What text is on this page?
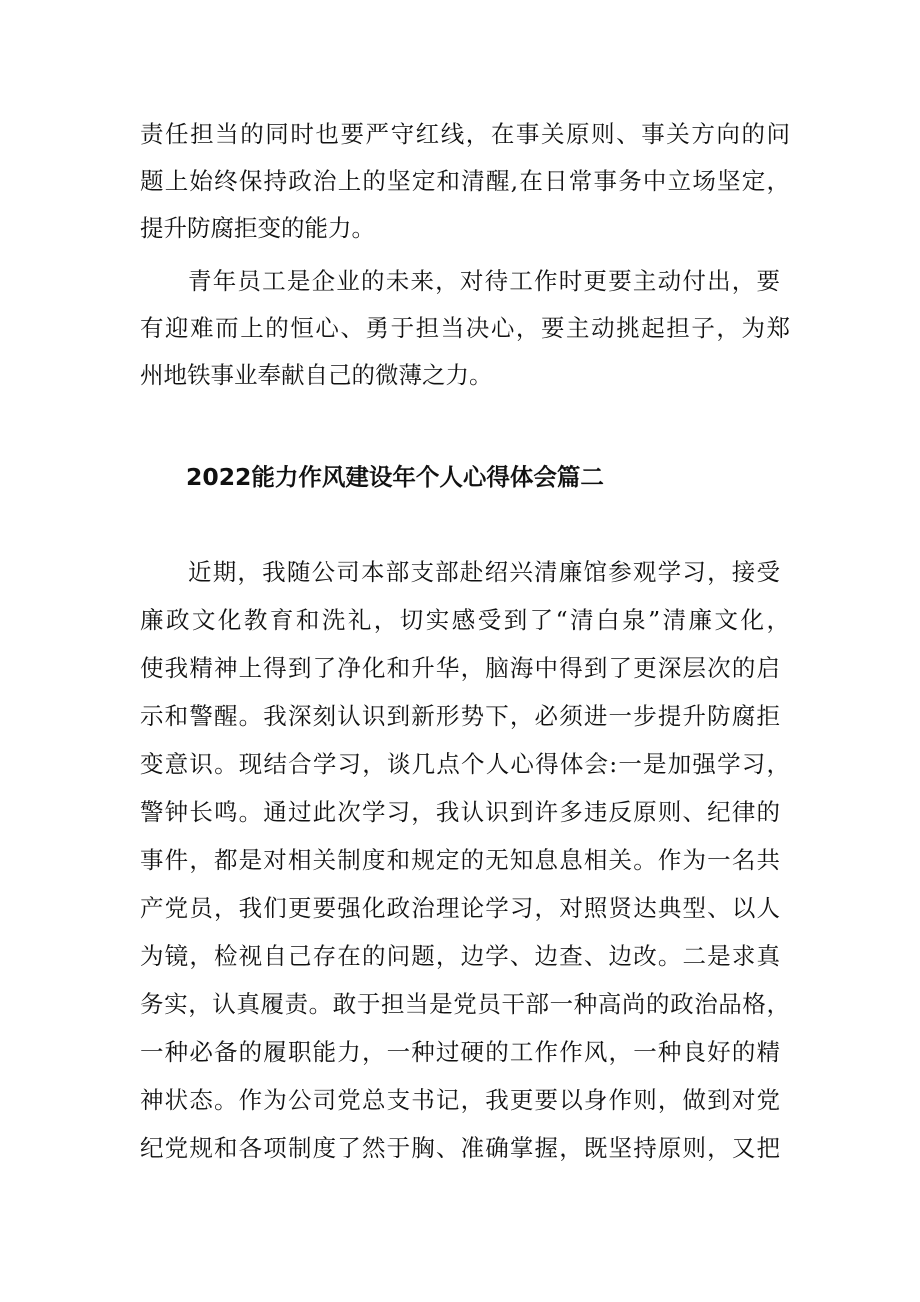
责任担当的同时也要严守红线，在事关原则、事关方向的问
题上始终保持政治上的坚定和清醒,在日常事务中立场坚定，
提升防腐拒变的能力。
青年员工是企业的未来，对待工作时更要主动付出，要
有迎难而上的恒心、勇于担当决心，要主动挑起担子，为郑
州地铁事业奉献自己的微薄之力。
2022能力作风建设年个人心得体会篇二
近期，我随公司本部支部赴绍兴清廉馆参观学习，接受
廉政文化教育和洗礼，切实感受到了“清白泉”清廉文化，
使我精神上得到了净化和升华，脑海中得到了更深层次的启
示和警醒。我深刻认识到新形势下，必须进一步提升防腐拒
变意识。现结合学习，谈几点个人心得体会:一是加强学习，
警钟长鸣。通过此次学习，我认识到许多违反原则、纪律的
事件，都是对相关制度和规定的无知息息相关。作为一名共
产党员，我们更要强化政治理论学习，对照贤达典型、以人
为镜，检视自己存在的问题，边学、边查、边改。二是求真
务实，认真履责。敢于担当是党员干部一种高尚的政治品格，
一种必备的履职能力，一种过硬的工作作风，一种良好的精
神状态。作为公司党总支书记，我更要以身作则，做到对党
纪党规和各项制度了然于胸、准确掌握，既坚持原则，又把
